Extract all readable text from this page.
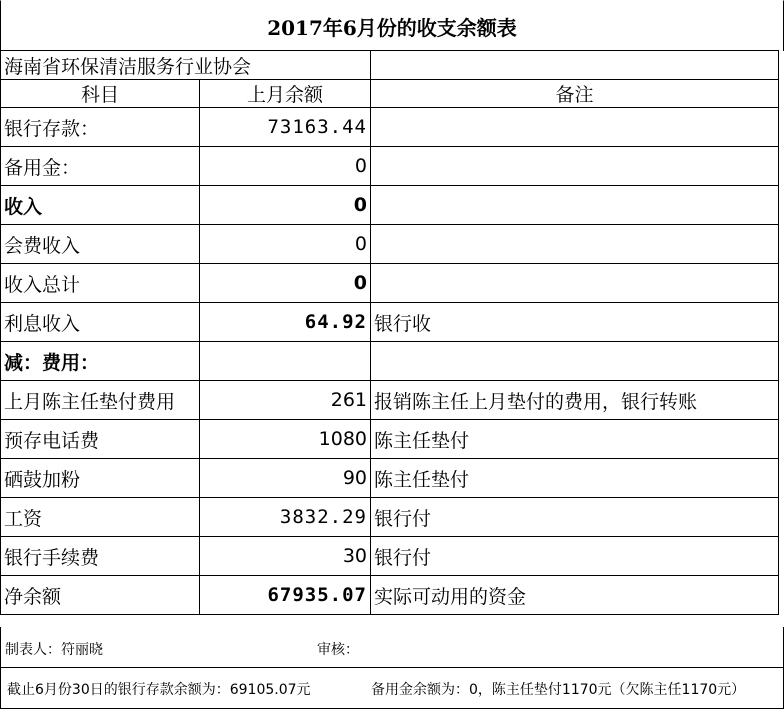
2017年6月份的收支余额表
海南省环保清洁服务行业协会		
科目	上月余额	备注
银行存款：	73163.44	
备用金：	0	
收入	0	
会费收入	0	
收入总计	0	
利息收入	64.92	银行收
减：费用：		
上月陈主任垫付费用	261	报销陈主任上月垫付的费用，银行转账
预存电话费	1080	陈主任垫付
硒鼓加粉	90	陈主任垫付
工资	3832.29	银行付
银行手续费	30	银行付
净余额	67935.07	实际可动用的资金
制表人：符丽晓	审核：
截止6月份30日的银行存款余额为：69105.07元	备用金余额为：0，陈主任垫付1170元（欠陈主任1170元）
